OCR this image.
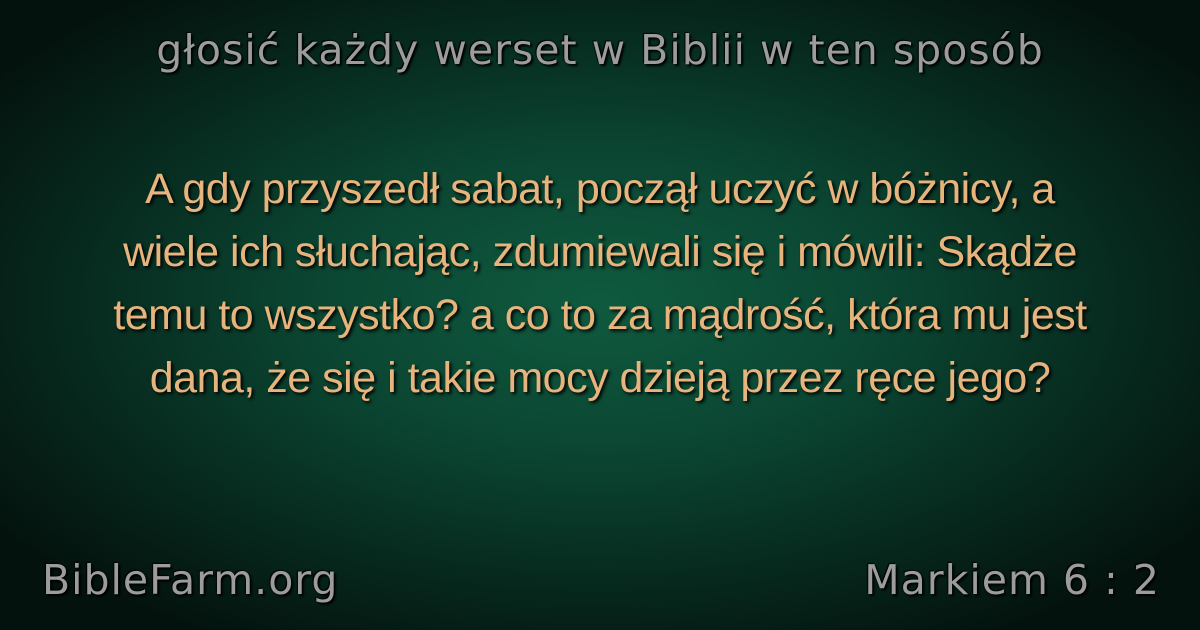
głosić każdy werset w Biblii w ten sposób
A gdy przyszedł sabat, począł uczyć w bóżnicy, a
wiele ich słuchając, zdumiewali się i mówili: Skądże
temu to wszystko? a co to za mądrość, która mu jest
dana, że się i takie mocy dzieją przez ręce jego?
BibleFarm.org	Markiem 6 : 2
